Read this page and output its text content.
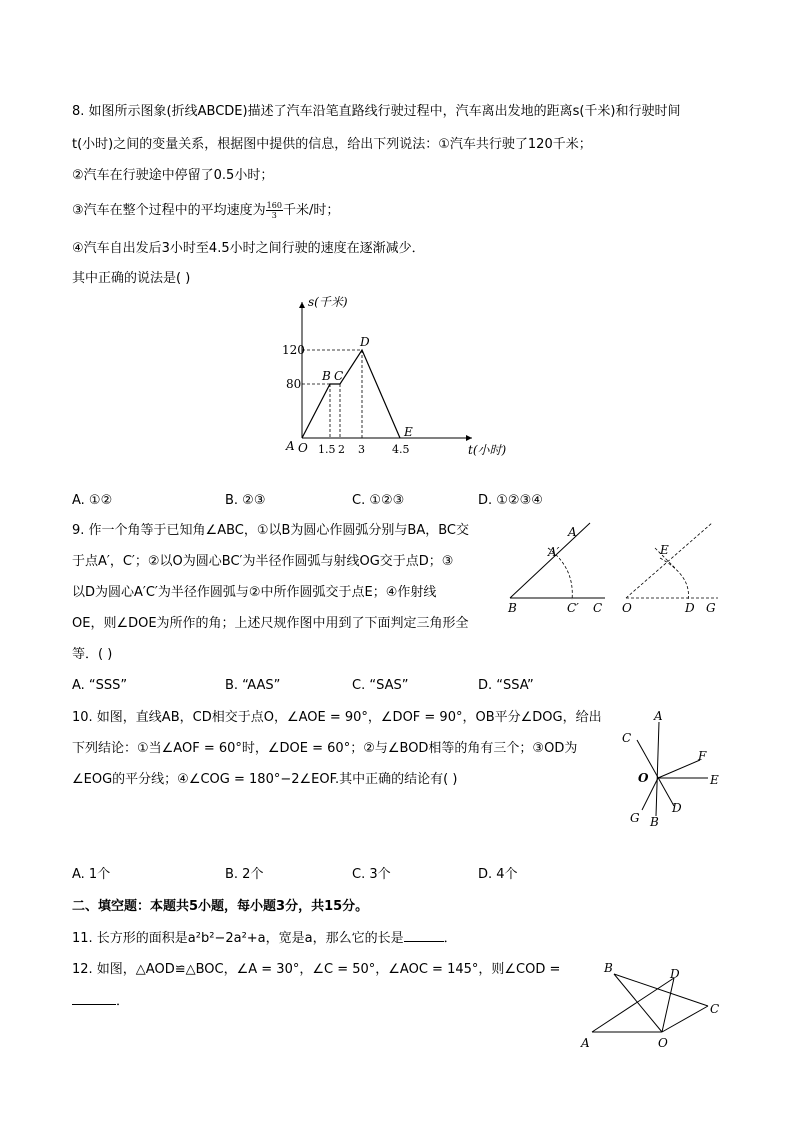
8. 如图所示图象(折线ABCDE)描述了汽车沿笔直路线行驶过程中，汽车离出发地的距离s(千米)和行驶时间
t(小时)之间的变量关系，根据图中提供的信息，给出下列说法：①汽车共行驶了120千米；
②汽车在行驶途中停留了0.5小时；
③汽车在整个过程中的平均速度为 $\frac{160}{3}$ 千米/时；
④汽车自出发后3小时至4.5小时之间行驶的速度在逐渐减少．
其中正确的说法是( )
s(千米)
120
80
A O
B C
D
E
1.5 2 3 4.5	t(小时)
A. ①②	B. ②③	C. ①②③	D. ①②③④
9. 作一个角等于已知角∠ABC，①以B为圆心作圆弧分别与BA，BC交
于点A′，C′；②以O为圆心BC′为半径作圆弧与射线OG交于点D；③
以D为圆心A′C′为半径作圆弧与②中所作圆弧交于点E；④作射线
OE，则∠DOE为所作的角；上述尺规作图中用到了下面判定三角形全
等．( )
A
A′
B	C′ C
E
O	D G
A. “SSS”	B. “AAS”	C. “SAS”	D. “SSA”
10. 如图，直线AB，CD相交于点O，∠AOE = 90°，∠DOF = 90°，OB平分∠DOG，给出
下列结论：①当∠AOF = 60°时，∠DOE = 60°；②与∠BOD相等的角有三个；③OD为
∠EOG的平分线；④∠COG = 180°−2∠EOF.其中正确的结论有( )
A
C
F
O	E
G B
D
A. 1个	B. 2个	C. 3个	D. 4个
二、填空题：本题共5小题，每小题3分，共15分。
11. 长方形的面积是a²b²−2a²+a，宽是a，那么它的长是	．
12. 如图，△AOD≌△BOC，∠A = 30°，∠C = 50°，∠AOC = 145°，则∠COD =
．
B	D
C
A	O
